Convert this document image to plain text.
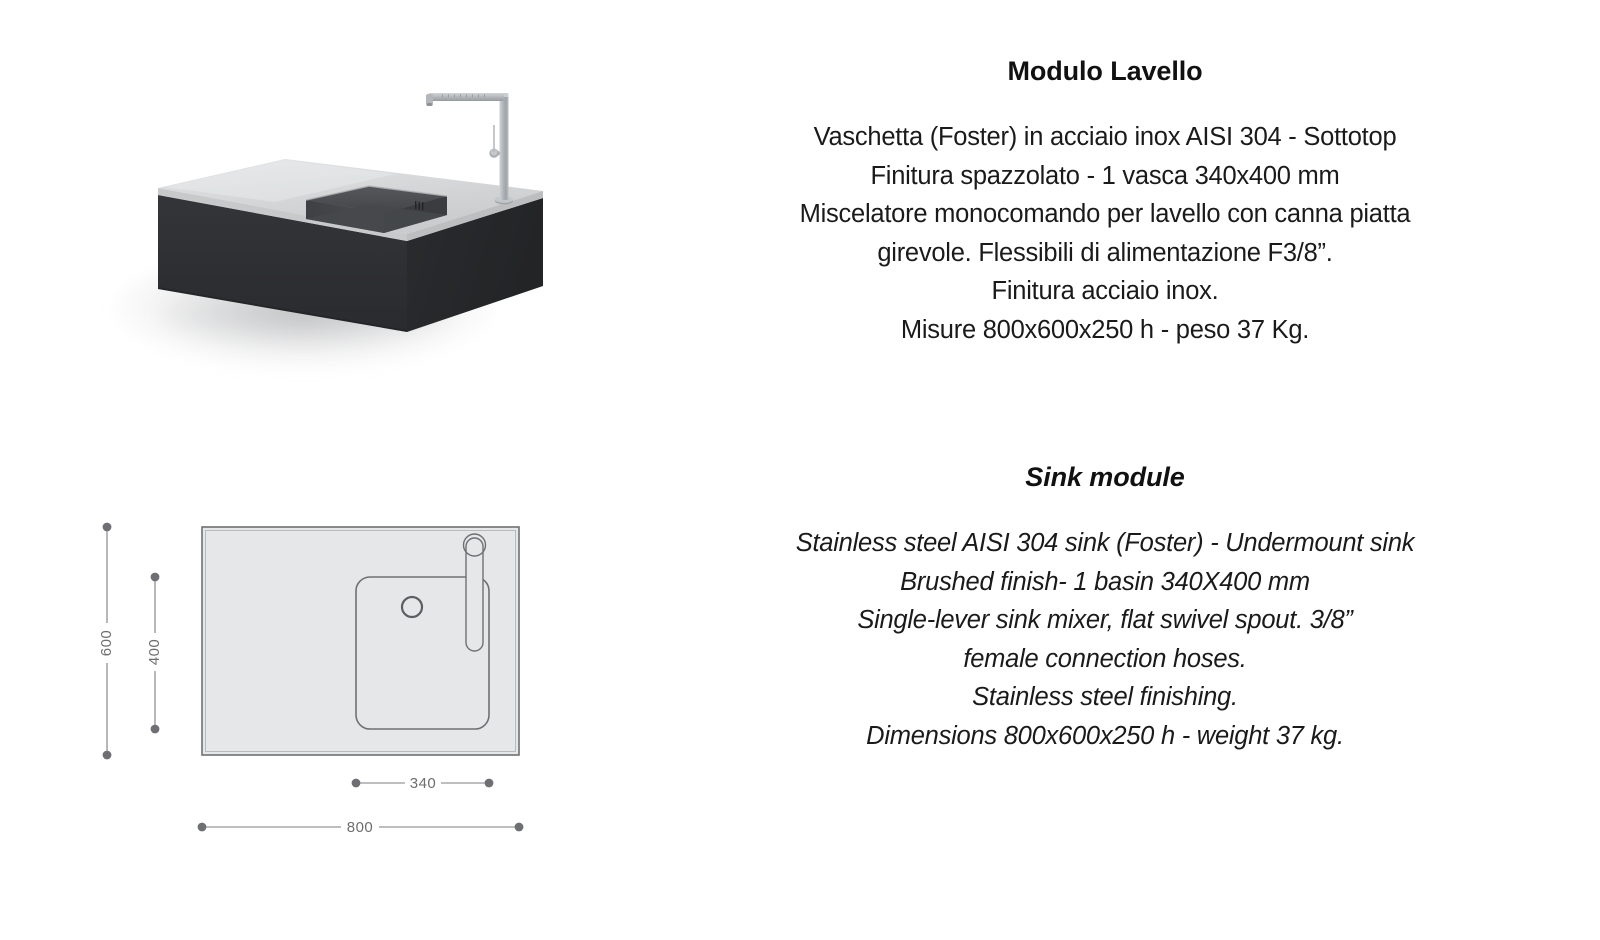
600 400
340
800
Modulo Lavello

Vaschetta (Foster) in acciaio inox AISI 304 - Sottotop
Finitura spazzolato - 1 vasca 340x400 mm
Miscelatore monocomando per lavello con canna piatta
girevole. Flessibili di alimentazione F3/8”.
Finitura acciaio inox.
Misure 800x600x250 h - peso 37 Kg.

Sink module

Stainless steel AISI 304 sink (Foster) - Undermount sink
Brushed finish- 1 basin 340X400 mm
Single-lever sink mixer, flat swivel spout. 3/8”
female connection hoses.
Stainless steel finishing.
Dimensions 800x600x250 h - weight 37 kg.
